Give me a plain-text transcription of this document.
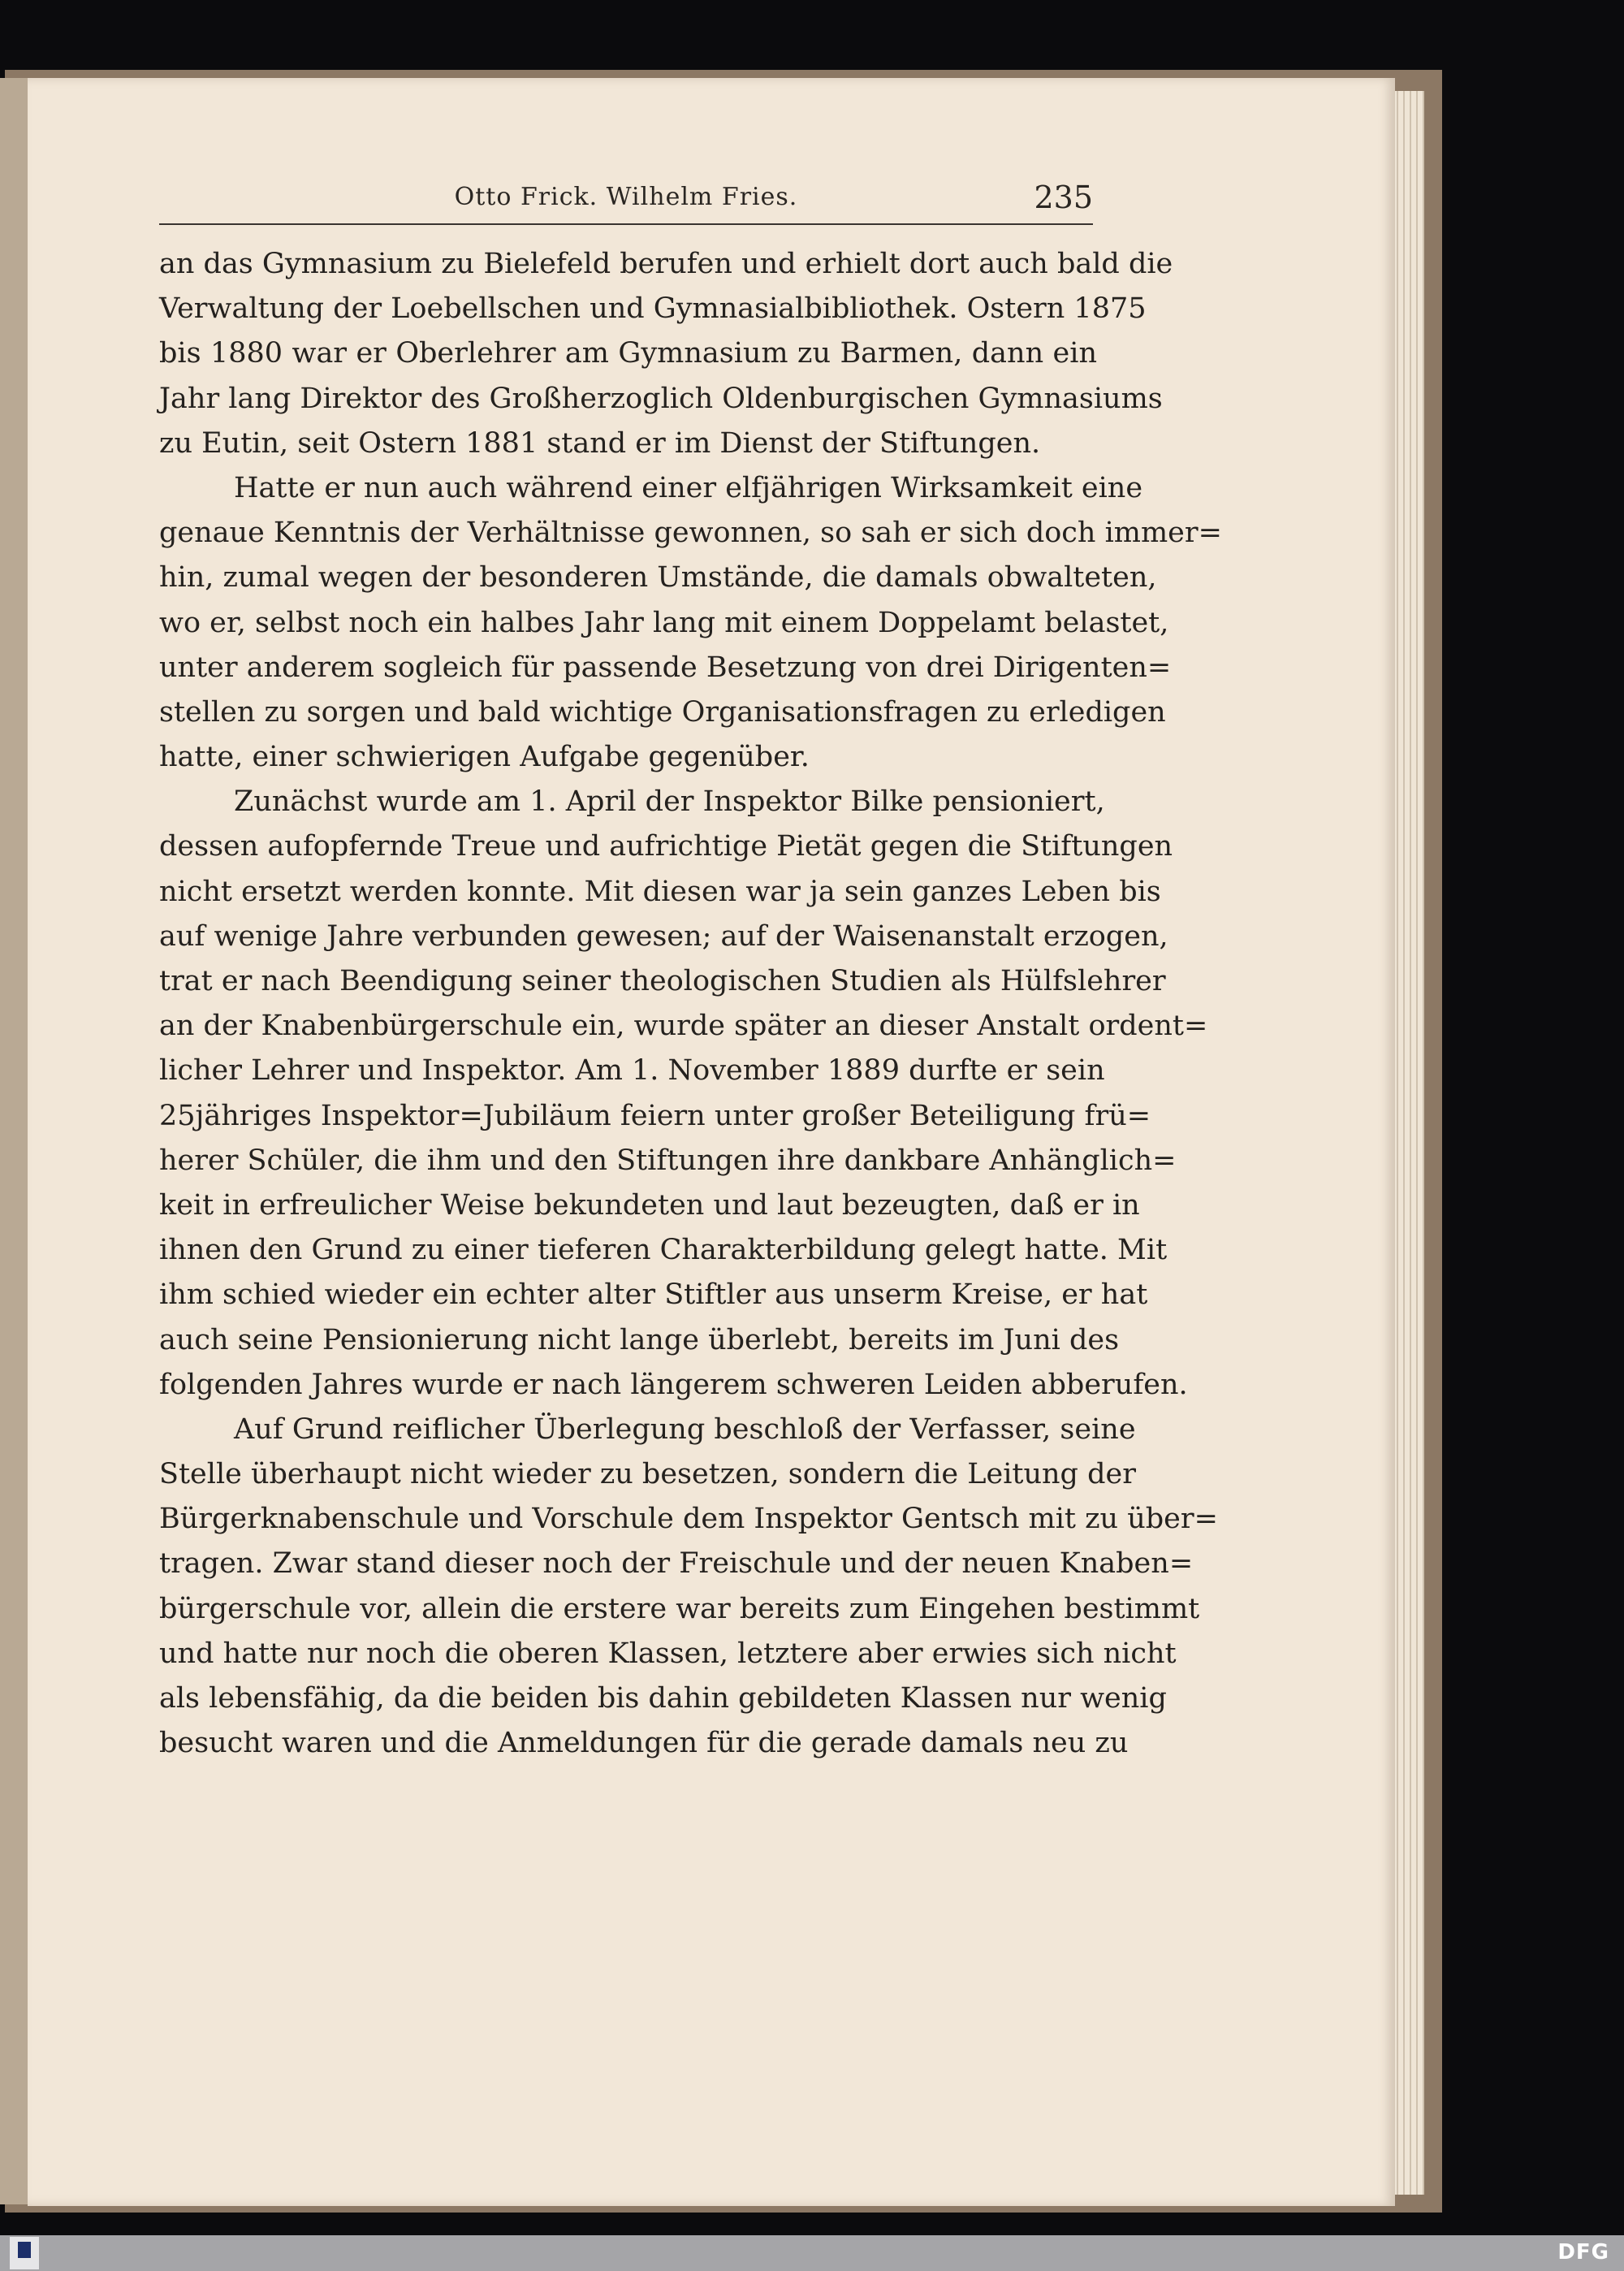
Otto Frick. Wilhelm Fries.	235
an das Gymnasium zu Bielefeld berufen und erhielt dort auch bald die
Verwaltung der Loebellschen und Gymnasialbibliothek. Ostern 1875
bis 1880 war er Oberlehrer am Gymnasium zu Barmen, dann ein
Jahr lang Direktor des Großherzoglich Oldenburgischen Gymnasiums
zu Eutin, seit Ostern 1881 stand er im Dienst der Stiftungen.
Hatte er nun auch während einer elfjährigen Wirksamkeit eine
genaue Kenntnis der Verhältnisse gewonnen, so sah er sich doch immer=
hin, zumal wegen der besonderen Umstände, die damals obwalteten,
wo er, selbst noch ein halbes Jahr lang mit einem Doppelamt belastet,
unter anderem sogleich für passende Besetzung von drei Dirigenten=
stellen zu sorgen und bald wichtige Organisationsfragen zu erledigen
hatte, einer schwierigen Aufgabe gegenüber.
Zunächst wurde am 1. April der Inspektor Bilke pensioniert,
dessen aufopfernde Treue und aufrichtige Pietät gegen die Stiftungen
nicht ersetzt werden konnte. Mit diesen war ja sein ganzes Leben bis
auf wenige Jahre verbunden gewesen; auf der Waisenanstalt erzogen,
trat er nach Beendigung seiner theologischen Studien als Hülfslehrer
an der Knabenbürgerschule ein, wurde später an dieser Anstalt ordent=
licher Lehrer und Inspektor. Am 1. November 1889 durfte er sein
25jähriges Inspektor=Jubiläum feiern unter großer Beteiligung frü=
herer Schüler, die ihm und den Stiftungen ihre dankbare Anhänglich=
keit in erfreulicher Weise bekundeten und laut bezeugten, daß er in
ihnen den Grund zu einer tieferen Charakterbildung gelegt hatte. Mit
ihm schied wieder ein echter alter Stiftler aus unserm Kreise, er hat
auch seine Pensionierung nicht lange überlebt, bereits im Juni des
folgenden Jahres wurde er nach längerem schweren Leiden abberufen.
Auf Grund reiflicher Überlegung beschloß der Verfasser, seine
Stelle überhaupt nicht wieder zu besetzen, sondern die Leitung der
Bürgerknabenschule und Vorschule dem Inspektor Gentsch mit zu über=
tragen. Zwar stand dieser noch der Freischule und der neuen Knaben=
bürgerschule vor, allein die erstere war bereits zum Eingehen bestimmt
und hatte nur noch die oberen Klassen, letztere aber erwies sich nicht
als lebensfähig, da die beiden bis dahin gebildeten Klassen nur wenig
besucht waren und die Anmeldungen für die gerade damals neu zu
DFG
